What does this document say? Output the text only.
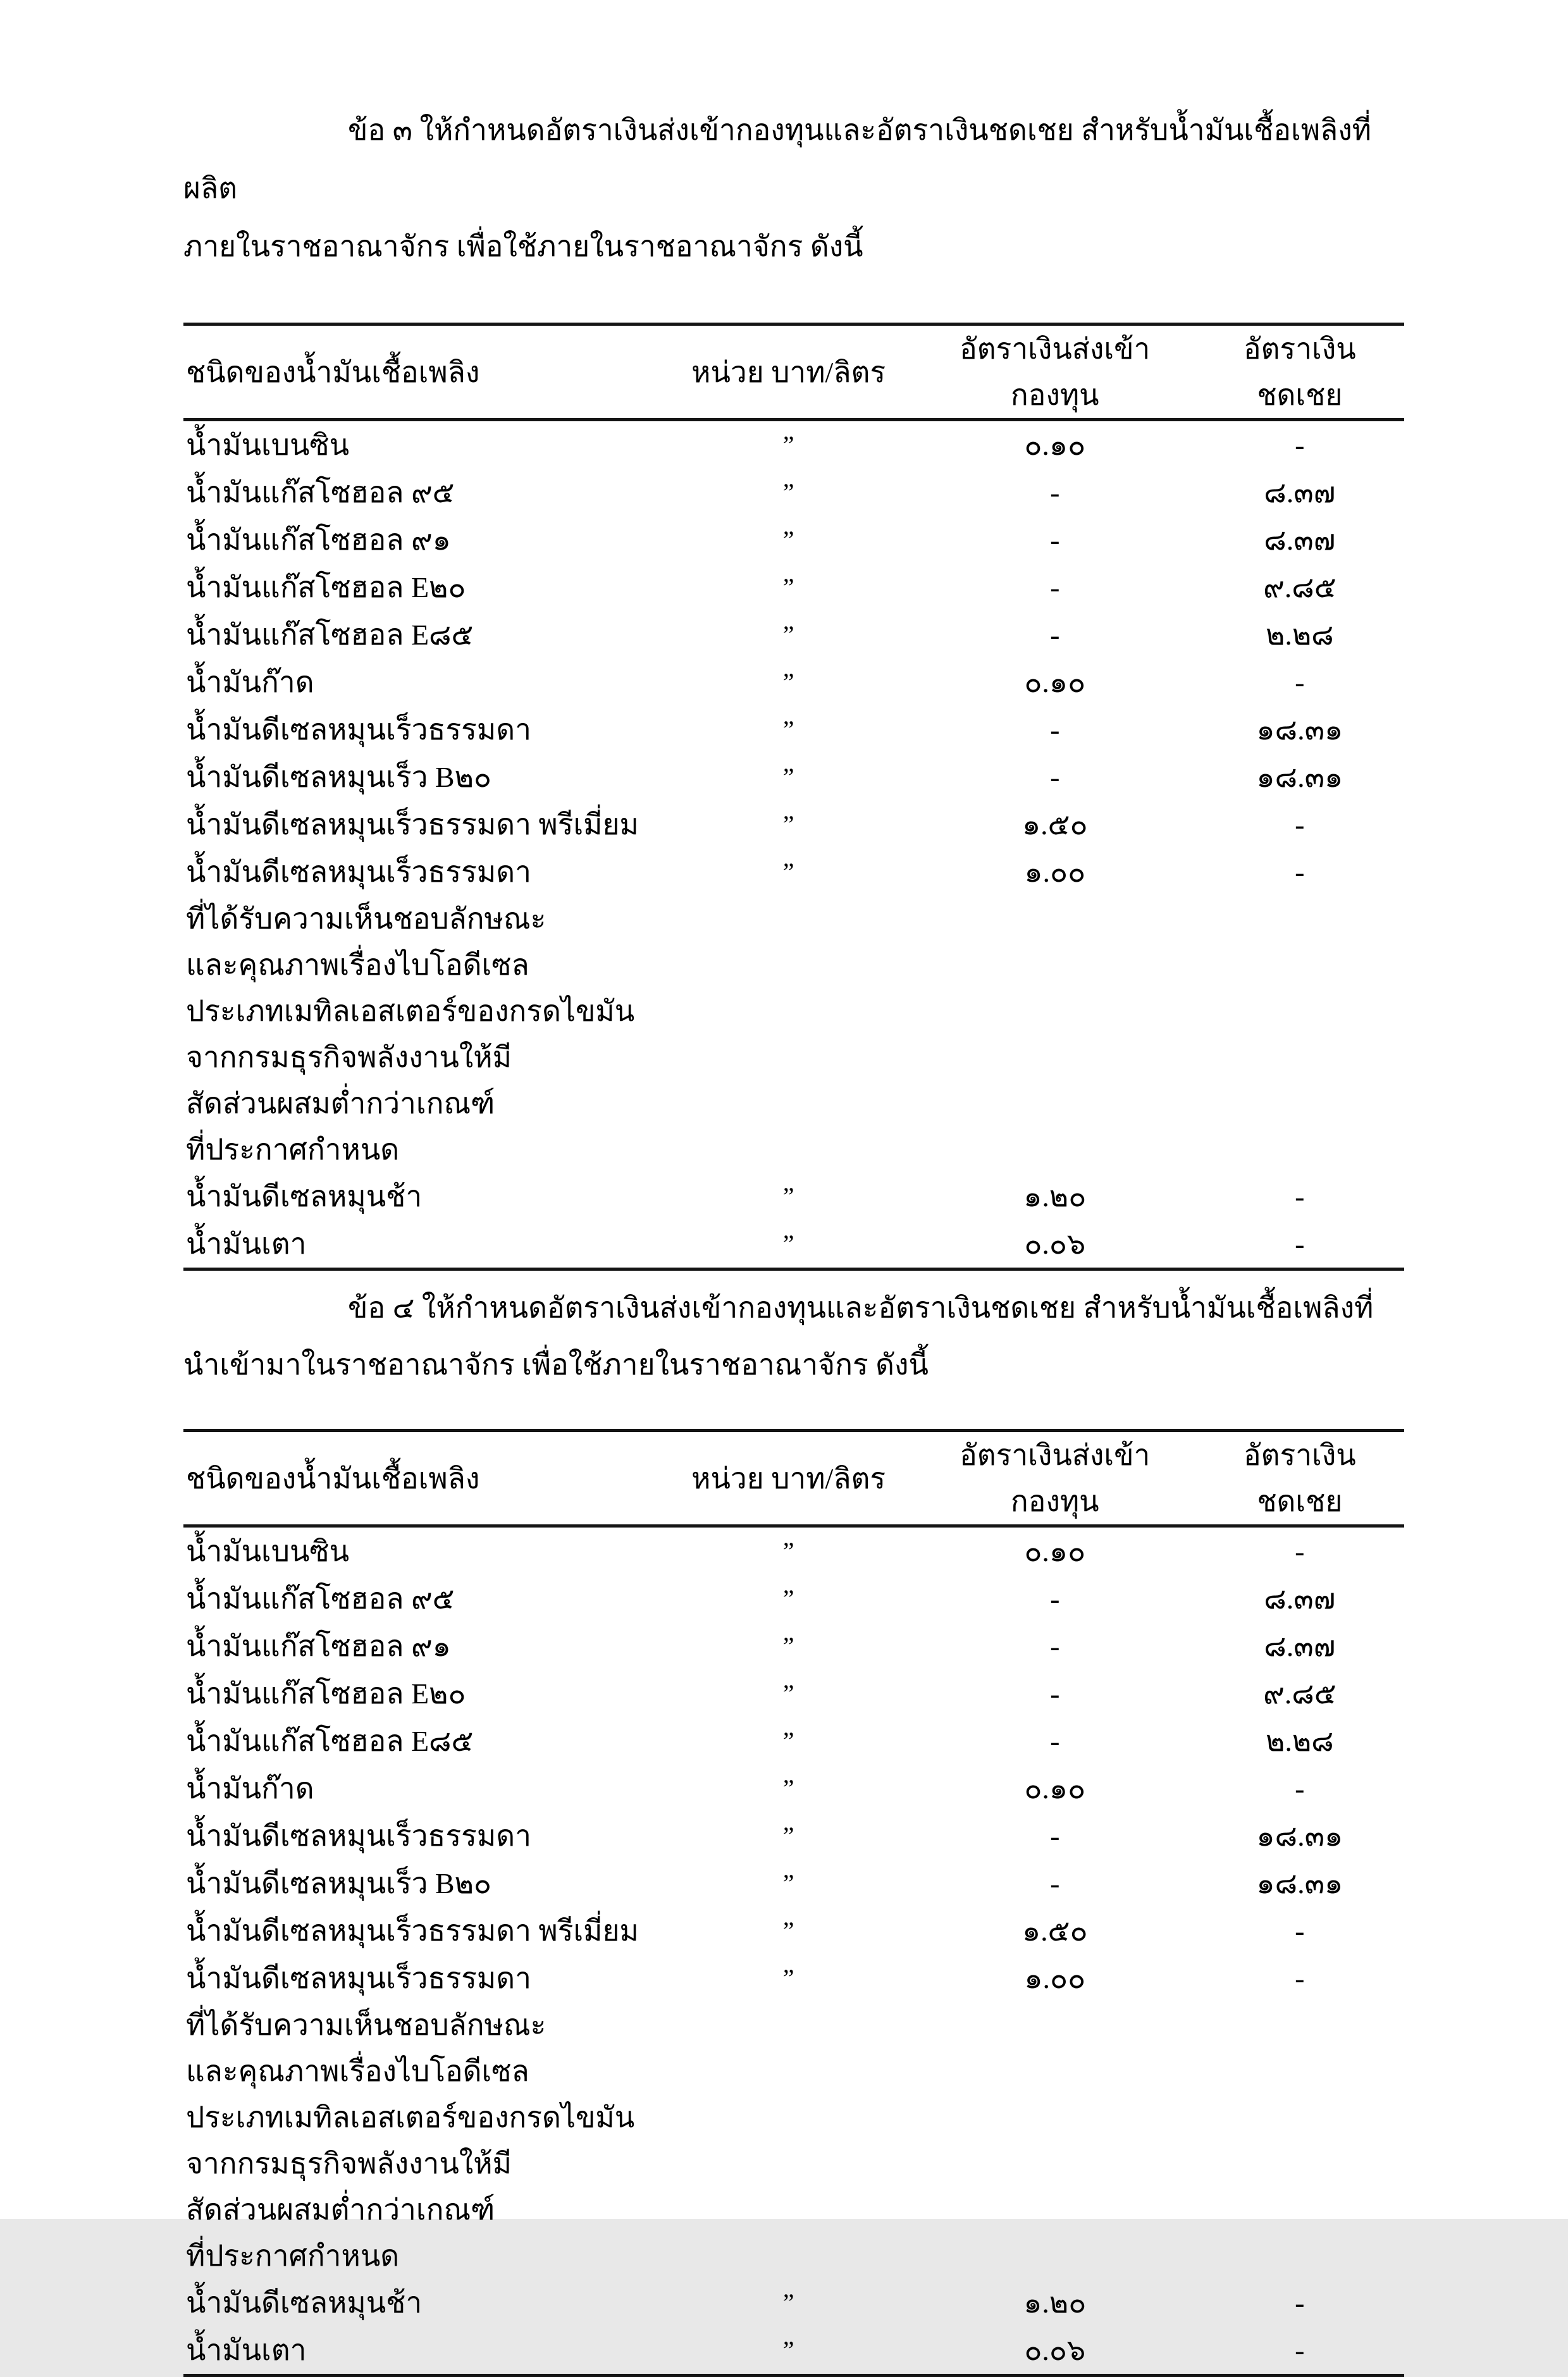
ข้อ ๓ ให้กำหนดอัตราเงินส่งเข้ากองทุนและอัตราเงินชดเชย สำหรับน้ำมันเชื้อเพลิงที่ผลิต
ภายในราชอาณาจักร เพื่อใช้ภายในราชอาณาจักร ดังนี้
ชนิดของน้ำมันเชื้อเพลิง	หน่วย บาท/ลิตร	อัตราเงินส่งเข้ากองทุน	อัตราเงินชดเชย
น้ำมันเบนซิน	”	๐.๑๐	-
น้ำมันแก๊สโซฮอล ๙๕	”	-	๘.๓๗
น้ำมันแก๊สโซฮอล ๙๑	”	-	๘.๓๗
น้ำมันแก๊สโซฮอล E๒๐	”	-	๙.๘๕
น้ำมันแก๊สโซฮอล E๘๕	”	-	๒.๒๘
น้ำมันก๊าด	”	๐.๑๐	-
น้ำมันดีเซลหมุนเร็วธรรมดา	”	-	๑๘.๓๑
น้ำมันดีเซลหมุนเร็ว B๒๐	”	-	๑๘.๓๑
น้ำมันดีเซลหมุนเร็วธรรมดา พรีเมี่ยม	”	๑.๕๐	-
น้ำมันดีเซลหมุนเร็วธรรมดา	”	๑.๐๐	-
ที่ได้รับความเห็นชอบลักษณะ			
และคุณภาพเรื่องไบโอดีเซล			
ประเภทเมทิลเอสเตอร์ของกรดไขมัน			
จากกรมธุรกิจพลังงานให้มี			
สัดส่วนผสมต่ำกว่าเกณฑ์			
ที่ประกาศกำหนด			
น้ำมันดีเซลหมุนช้า	”	๑.๒๐	-
น้ำมันเตา	”	๐.๐๖	-
ข้อ ๔ ให้กำหนดอัตราเงินส่งเข้ากองทุนและอัตราเงินชดเชย สำหรับน้ำมันเชื้อเพลิงที่
นำเข้ามาในราชอาณาจักร เพื่อใช้ภายในราชอาณาจักร ดังนี้
ชนิดของน้ำมันเชื้อเพลิง	หน่วย บาท/ลิตร	อัตราเงินส่งเข้ากองทุน	อัตราเงินชดเชย
น้ำมันเบนซิน	”	๐.๑๐	-
น้ำมันแก๊สโซฮอล ๙๕	”	-	๘.๓๗
น้ำมันแก๊สโซฮอล ๙๑	”	-	๘.๓๗
น้ำมันแก๊สโซฮอล E๒๐	”	-	๙.๘๕
น้ำมันแก๊สโซฮอล E๘๕	”	-	๒.๒๘
น้ำมันก๊าด	”	๐.๑๐	-
น้ำมันดีเซลหมุนเร็วธรรมดา	”	-	๑๘.๓๑
น้ำมันดีเซลหมุนเร็ว B๒๐	”	-	๑๘.๓๑
น้ำมันดีเซลหมุนเร็วธรรมดา พรีเมี่ยม	”	๑.๕๐	-
น้ำมันดีเซลหมุนเร็วธรรมดา	”	๑.๐๐	-
ที่ได้รับความเห็นชอบลักษณะ			
และคุณภาพเรื่องไบโอดีเซล			
ประเภทเมทิลเอสเตอร์ของกรดไขมัน			
จากกรมธุรกิจพลังงานให้มี			
สัดส่วนผสมต่ำกว่าเกณฑ์			
ที่ประกาศกำหนด			
น้ำมันดีเซลหมุนช้า	”	๑.๒๐	-
น้ำมันเตา	”	๐.๐๖	-
